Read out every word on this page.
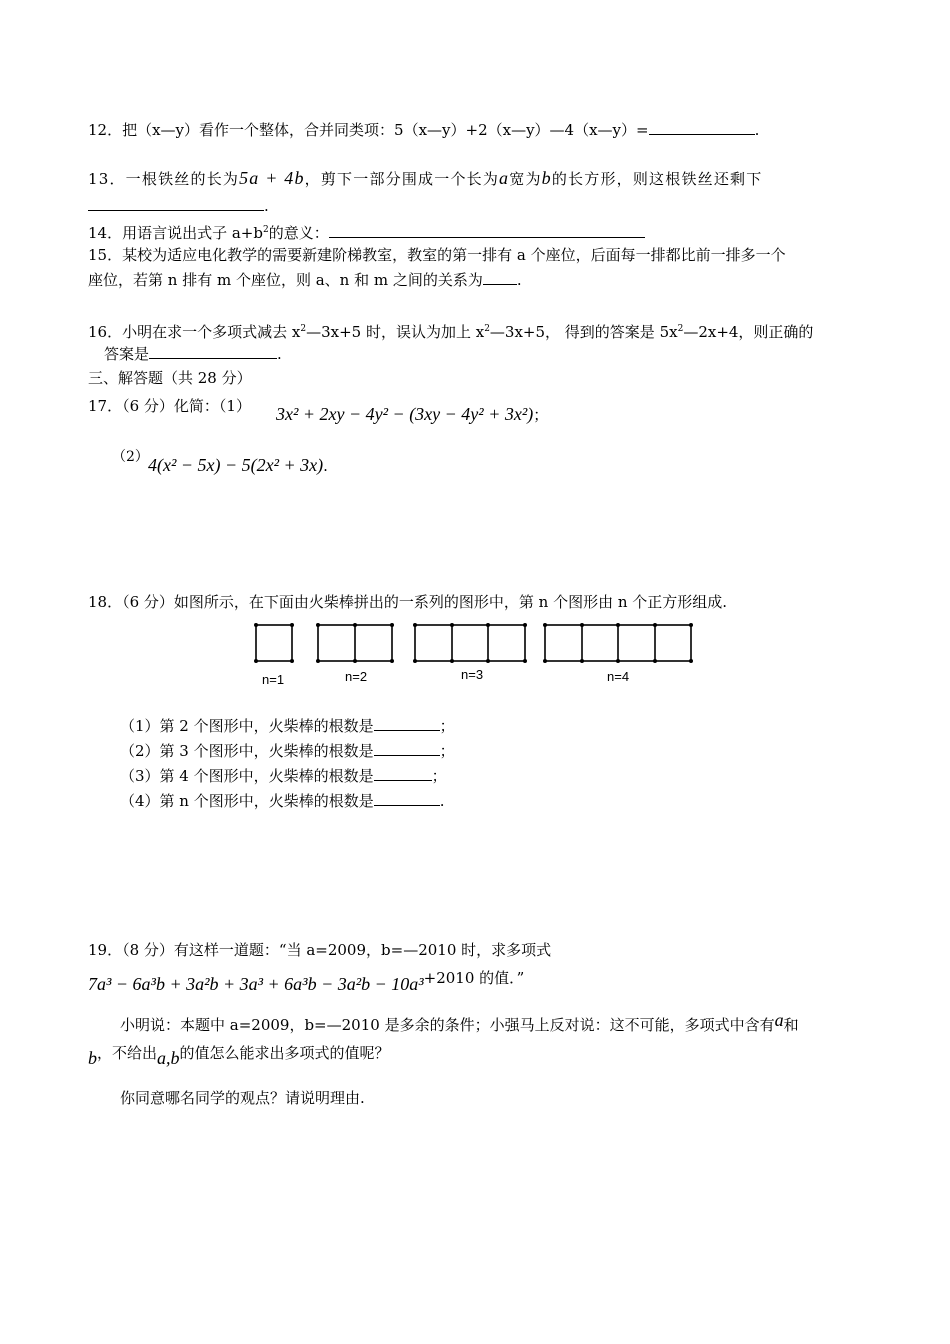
12．把（x—y）看作一个整体，合并同类项：5（x—y）+2（x—y）—4（x—y）=	.
13．一根铁丝的长为5a + 4b，剪下一部分围成一个长为a宽为b的长方形，则这根铁丝还剩下
.
14．用语言说出式子 $a+b^2$的意义：
15．某校为适应电化教学的需要新建阶梯教室，教室的第一排有 a 个座位，后面每一排都比前一排多一个
座位，若第 n 排有 m 个座位，则 a、n 和 m 之间的关系为 .
16．小明在求一个多项式减去 $x^2—3x+5$ 时，误认为加上 $x^2—3x+5$， 得到的答案是 $5x^2—2x+4$，则正确的
答案是	.
三、解答题（共 28 分）
17．（6 分）化简：（1） 3x² + 2xy − 4y² − (3xy − 4y² + 3x²)；
（2） 4(x² − 5x) − 5(2x² + 3x).
18．（6 分）如图所示，在下面由火柴棒拼出的一系列的图形中，第 n 个图形由 n 个正方形组成.
n=1	n=2	n=3	n=4
（1）第 2 个图形中，火柴棒的根数是	；
（2）第 3 个图形中，火柴棒的根数是	；
（3）第 4 个图形中，火柴棒的根数是	；
（4）第 n 个图形中，火柴棒的根数是	.
19．（8 分）有这样一道题：“当 a=2009，b=—2010 时，求多项式
7a³ − 6a³b + 3a²b + 3a³ + 6a³b − 3a²b − 10a³+2010 的值．”
小明说：本题中 a=2009，b=—2010 是多余的条件；小强马上反对说：这不可能，多项式中含有a和
b，不给出a,b的值怎么能求出多项式的值呢？
你同意哪名同学的观点？请说明理由.
